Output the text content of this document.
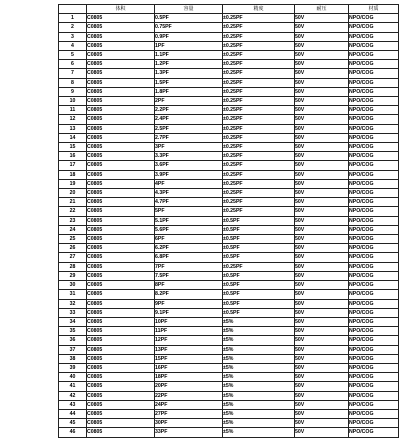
	体积	容量	精度	耐压	材质
1	C0805	0.5PF	±0.25PF	50V	NPO/COG
2	C0805	0.75PF	±0.25PF	50V	NPO/COG
3	C0805	0.9PF	±0.25PF	50V	NPO/COG
4	C0805	1PF	±0.25PF	50V	NPO/COG
5	C0805	1.1PF	±0.25PF	50V	NPO/COG
6	C0805	1.2PF	±0.25PF	50V	NPO/COG
7	C0805	1.3PF	±0.25PF	50V	NPO/COG
8	C0805	1.5PF	±0.25PF	50V	NPO/COG
9	C0805	1.8PF	±0.25PF	50V	NPO/COG
10	C0805	2PF	±0.25PF	50V	NPO/COG
11	C0805	2.2PF	±0.25PF	50V	NPO/COG
12	C0805	2.4PF	±0.25PF	50V	NPO/COG
13	C0805	2.5PF	±0.25PF	50V	NPO/COG
14	C0805	2.7PF	±0.25PF	50V	NPO/COG
15	C0805	3PF	±0.25PF	50V	NPO/COG
16	C0805	3.3PF	±0.25PF	50V	NPO/COG
17	C0805	3.6PF	±0.25PF	50V	NPO/COG
18	C0805	3.9PF	±0.25PF	50V	NPO/COG
19	C0805	4PF	±0.25PF	50V	NPO/COG
20	C0805	4.3PF	±0.25PF	50V	NPO/COG
21	C0805	4.7PF	±0.25PF	50V	NPO/COG
22	C0805	5PF	±0.25PF	50V	NPO/COG
23	C0805	5.1PF	±0.5PF	50V	NPO/COG
24	C0805	5.6PF	±0.5PF	50V	NPO/COG
25	C0805	6PF	±0.5PF	50V	NPO/COG
26	C0805	6.2PF	±0.5PF	50V	NPO/COG
27	C0805	6.8PF	±0.5PF	50V	NPO/COG
28	C0805	7PF	±0.25PF	50V	NPO/COG
29	C0805	7.5PF	±0.5PF	50V	NPO/COG
30	C0805	8PF	±0.5PF	50V	NPO/COG
31	C0805	8.2PF	±0.5PF	50V	NPO/COG
32	C0805	9PF	±0.5PF	50V	NPO/COG
33	C0805	9.1PF	±0.5PF	50V	NPO/COG
34	C0805	10PF	±5%	50V	NPO/COG
35	C0805	11PF	±5%	50V	NPO/COG
36	C0805	12PF	±5%	50V	NPO/COG
37	C0805	13PF	±5%	50V	NPO/COG
38	C0805	15PF	±5%	50V	NPO/COG
39	C0805	16PF	±5%	50V	NPO/COG
40	C0805	18PF	±5%	50V	NPO/COG
41	C0805	20PF	±5%	50V	NPO/COG
42	C0805	22PF	±5%	50V	NPO/COG
43	C0805	24PF	±5%	50V	NPO/COG
44	C0805	27PF	±5%	50V	NPO/COG
45	C0805	30PF	±5%	50V	NPO/COG
46	C0805	33PF	±5%	50V	NPO/COG
